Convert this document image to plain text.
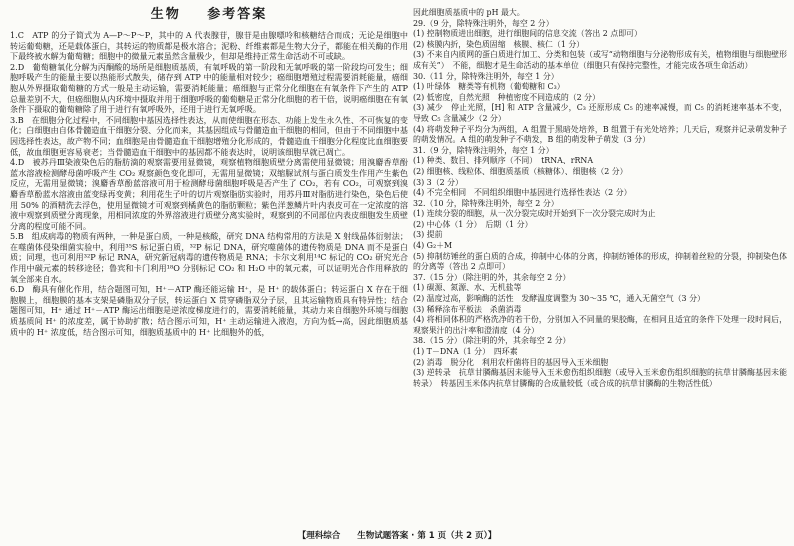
生物 参考答案

1.C　ATP 的分子简式为 A—P～P～P，其中的 A 代表腺苷，腺苷是由腺嘌呤和核糖结合而成；无论是细胞中转运葡萄糖，还是载体蛋白，其转运的物质都是极水溶合；泥粉、纤维素都是生物大分子，都能在相关酶的作用下最终被水解为葡萄糖；细胞中的微量元素虽然含量极少，但却是维持正常生命活动不可或缺。

2.D　葡萄糖氧化分解为丙酮酸的场所是细胞质基质，有氧呼吸的第一阶段和无氧呼吸的第一阶段均可发生；细胞呼吸产生的能量主要以热能形式散失，储存到 ATP 中的能量相对较少；癌细胞增殖过程需要消耗能量，癌细胞从外界摄取葡萄糖的方式一般是主动运输，需要消耗能量；癌细胞与正常分化细胞在有氧条件下产生的 ATP 总量差别不大，但癌细胞从内环境中摄取并用于细胞呼吸的葡萄糖是正常分化细胞的若干倍，说明癌细胞在有氧条件下摄取的葡萄糖除了用于进行有氧呼吸外，还用于进行无氧呼吸。

3.B　在细胞分化过程中，不同细胞中基因选择性表达，从而使细胞在形态、功能上发生永久性、不可恢复的变化；白细胞由自体骨髓造血干细胞分裂、分化而来，其基因组成与骨髓造血干细胞的相同，但由于不同细胞中基因选择性表达，故产物不同；血细胞是由骨髓造血干细胞增殖分化形成的，骨髓造血干细胞分化程度比血细胞要低，故血细胞更容易衰老；当骨髓造血干细胞中的基因都不能表达时，说明该细胞早就已凋亡。

4.D　被苏丹Ⅲ染液染色后的脂肪滴的观察需要用显微镜，观察植物细胞质壁分离需使用显微镜；用溴麝香草酚蓝水溶液检测酵母菌呼吸产生 CO₂ 观察颜色变化即可，无需用显微镜；双缩脲试剂与蛋白质发生作用产生紫色反应，无需用显微镜；溴麝香草酚蓝溶液可用于检测酵母菌细胞呼吸是否产生了 CO₂，若有 CO₂，可观察到溴麝香草酚蓝水溶液由蓝变绿再变黄；利用花生子叶的切片观察脂肪实验时，用苏丹Ⅲ对脂肪进行染色，染色后使用 50% 的酒精洗去浮色，使用显微镜才可观察到橘黄色的脂肪颗粒；紫色洋葱鳞片叶内表皮可在一定浓度的溶液中观察到质壁分离现象，用相同浓度的外界溶液进行质壁分离实验时，观察到的不同部位内表皮细胞发生质壁分离的程度可能不同。

5.B　组成病毒的物质有两种，一种是蛋白质，一种是核酸，研究 DNA 结构常用的方法是 X 射线晶体衍射法；在噬菌体侵染细菌实验中，利用³⁵S 标记蛋白质，³²P 标记 DNA，研究噬菌体的遗传物质是 DNA 而不是蛋白质；同理，也可利用³²P 标记 RNA，研究新冠病毒的遗传物质是 RNA；卡尔文利用¹⁴C 标记的 CO₂ 研究光合作用中碳元素的转移途径；鲁宾和卡门利用¹⁸O 分别标记 CO₂ 和 H₂O 中的氧元素，可以证明光合作用释放的氧全部来自水。

6.D　酶具有催化作用，结合题图可知，H⁺－ATP 酶还能运输 H⁺，是 H⁺ 的载体蛋白；转运蛋白 X 存在于细胞膜上，细胞膜的基本支架是磷脂双分子层，转运蛋白 X 贯穿磷脂双分子层，且其运输物质具有特异性；结合题图可知，H⁺ 通过 H⁺－ATP 酶运出细胞是逆浓度梯度进行的，需要消耗能量，其动力来自细胞外环境与细胞质基质间 H⁺ 的浓度差，属于协助扩散；结合图示可知，H⁺ 主动运输进入液泡，方向为低→高，因此细胞质基质中的 H⁺ 浓度低，结合图示可知，细胞质基质中的 H⁺ 比细胞外的低，

因此细胞质基质中的 pH 最大。

29.（9 分，除特殊注明外，每空 2 分）

(1) 控制物质进出细胞，进行细胞间的信息交流（答出 2 点即可）

(2) 核膜内折，染色质固缩　核膜、核仁（1 分）

(3) 不来自内质网的蛋白质进行加工、分类和包装（或写“动物细胞与分泌物形成有关，植物细胞与细胞壁形成有关”）　不能，细胞才是生命活动的基本单位（细胞只有保持完整性，才能完成各项生命活动）

30.（11 分，除特殊注明外，每空 1 分）

(1) 叶绿体　糖类等有机物（葡萄糖和 C₃）

(2) 低密度，自然光照　种植密度不同造成的（2 分）

(3) 减少　停止光照，[H] 和 ATP 含量减少，C₃ 还原形成 C₅ 的速率减慢，而 C₅ 的消耗速率基本不变，导致 C₅ 含量减少（2 分）

(4) 将萌发种子平均分为两组，A 组置于黑暗处培养，B 组置于有光处培养；几天后，观察并记录萌发种子的萌发情况。A 组的萌发种子不萌发，B 组的萌发种子萌发（3 分）

31.（9 分，除特殊注明外，每空 1 分）

(1) 种类、数目、排列顺序（不同）　tRNA、rRNA

(2) 细胞核、线粒体、细胞质基质（核糖体）、细胞核（2 分）

(3) 3（2 分）

(4) 不完全相同　不同组织细胞中基因进行选择性表达（2 分）

32.（10 分，除特殊注明外，每空 2 分）

(1) 连续分裂的细胞，从一次分裂完成时开始到下一次分裂完成时为止

(2) 中心体（1 分）　后期（1 分）

(3) 提前

(4) G₂＋M

(5) 抑制纺锤丝的蛋白质的合成，抑制中心体的分离，抑制纺锤体的形成，抑制着丝粒的分裂，抑制染色体的分离等（答出 2 点即可）

37.（15 分）（除注明的外，其余每空 2 分）

(1) 碳源、氮源、水、无机盐等

(2) 温度过高，影响酶的活性　发酵温度调整为 30～35 ℃，通入无菌空气（3 分）

(3) 稀释涂布平板法　杀菌消毒

(4) 将相同体积的严格洗净的若干份，分别加入不同量的果胶酶，在相同且适宜的条件下处理一段时间后，观察果汁的出汁率和澄清度（4 分）

38.（15 分）（除注明的外，其余每空 2 分）

(1) T－DNA（1 分）　四环素

(2) 消毒　脱分化　利用农杆菌将目的基因导入玉米细胞

(3) 逆转录　抗草甘膦酶基因未能导入玉米愈伤组织细胞（或导入玉米愈伤组织细胞的抗草甘膦酶基因未能转录）　转基因玉米体内抗草甘膦酶的合成量较低（或合成的抗草甘膦酶的生物活性低）

【理科综合　　生物试题答案 · 第 1 页（共 2 页）】
